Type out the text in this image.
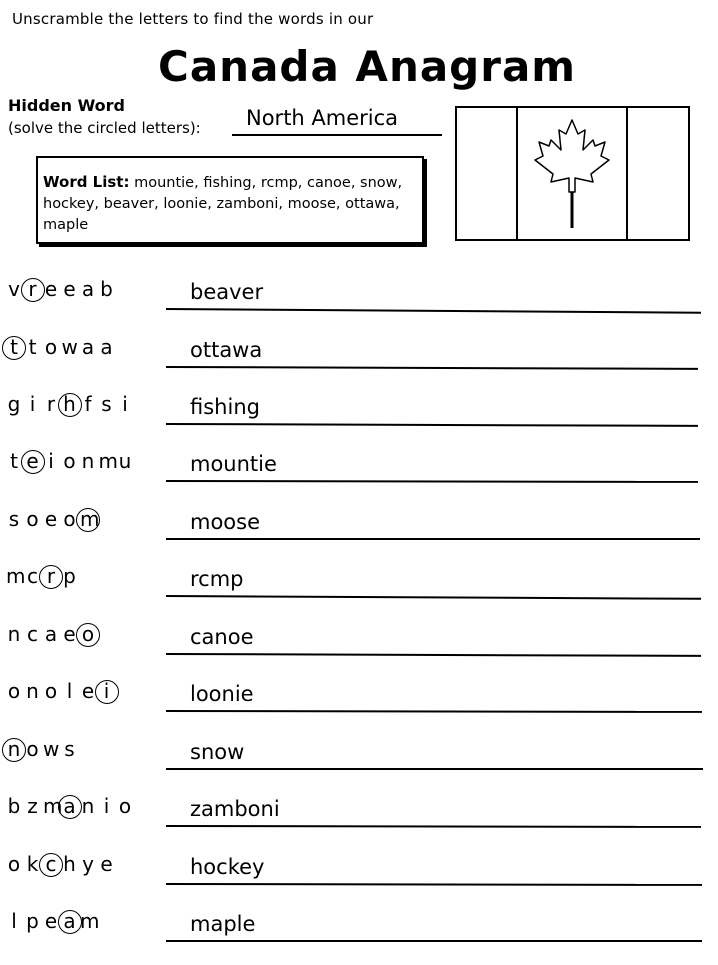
Unscramble the letters to find the words in our
Canada Anagram
Hidden Word
(solve the circled letters): North America
Word List: mountie, fishing, rcmp, canoe, snow, hockey, beaver, loonie, zamboni, moose, ottawa, maple
v r e e a b	beaver
t t o w a a	ottawa
g i r h f s i	fishing
t e i o n m u	mountie
s o e o m	moose
m c r p	rcmp
n c a e o	canoe
o n o l e i	loonie
n o w s	snow
b z m a n i o	zamboni
o k c h y e	hockey
l p e a m	maple
